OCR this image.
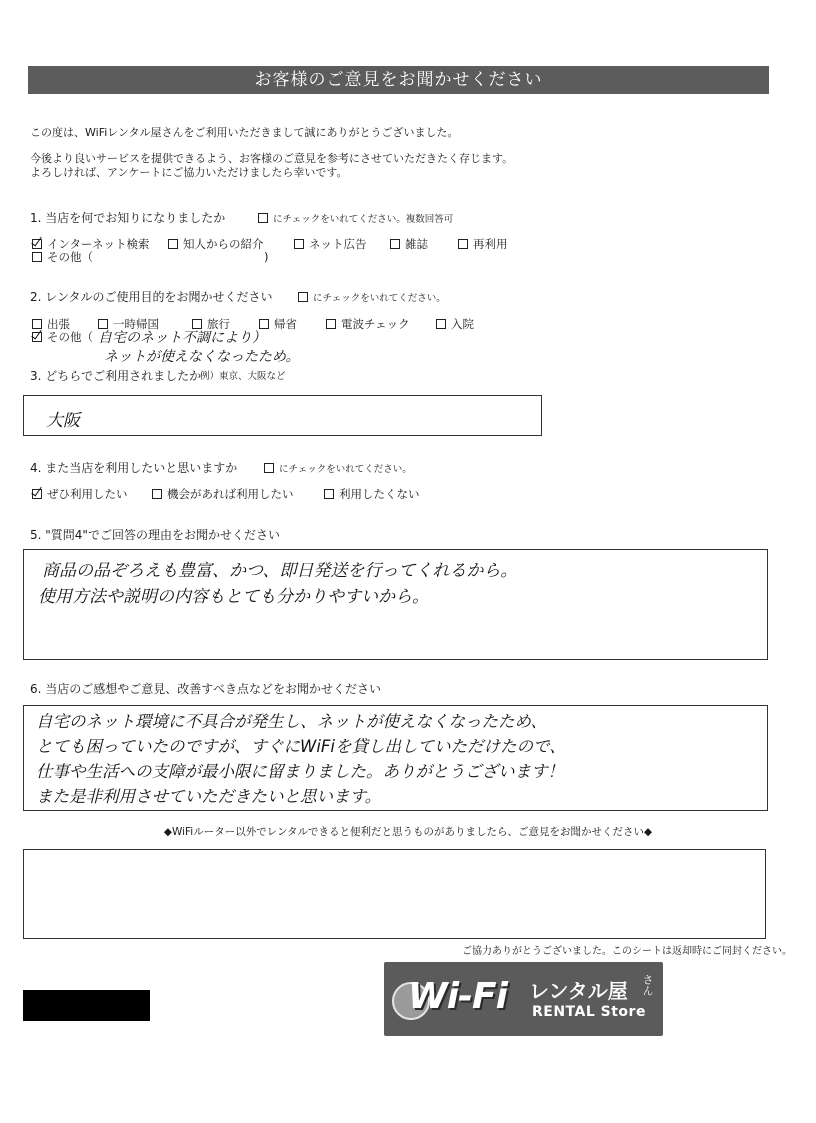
お客様のご意見をお聞かせください
この度は、WiFiレンタル屋さんをご利用いただきまして誠にありがとうございました。
今後より良いサービスを提供できるよう、お客様のご意見を参考にさせていただきたく存じます。
よろしければ、アンケートにご協力いただけましたら幸いです。
1. 当店を何でお知りになりましたか	にチェックをいれてください。複数回答可
インターネット検索	知人からの紹介	ネット広告	雑誌	再利用
その他（	)
2. レンタルのご使用目的をお聞かせください	にチェックをいれてください。
出張	一時帰国	旅行	帰省	電波チェック	入院
その他（ 自宅のネット不調により）
ネットが使えなくなったため。
3. どちらでご利用されましたか
例）東京、大阪など
大阪
4. また当店を利用したいと思いますか	にチェックをいれてください。
ぜひ利用したい	機会があれば利用したい	利用したくない
5. "質問4"でご回答の理由をお聞かせください
商品の品ぞろえも豊富、かつ、即日発送を行ってくれるから。
使用方法や説明の内容もとても分かりやすいから。
6. 当店のご感想やご意見、改善すべき点などをお聞かせください
自宅のネット環境に不具合が発生し、ネットが使えなくなったため、
とても困っていたのですが、すぐにWiFiを貸し出していただけたので、
仕事や生活への支障が最小限に留まりました。ありがとうございます！
また是非利用させていただきたいと思います。
◆WiFiルーター以外でレンタルできると便利だと思うものがありましたら、ご意見をお聞かせください◆
ご協力ありがとうございました。このシートは返却時にご同封ください。
Wi-Fi レンタル屋 さん
RENTAL Store
